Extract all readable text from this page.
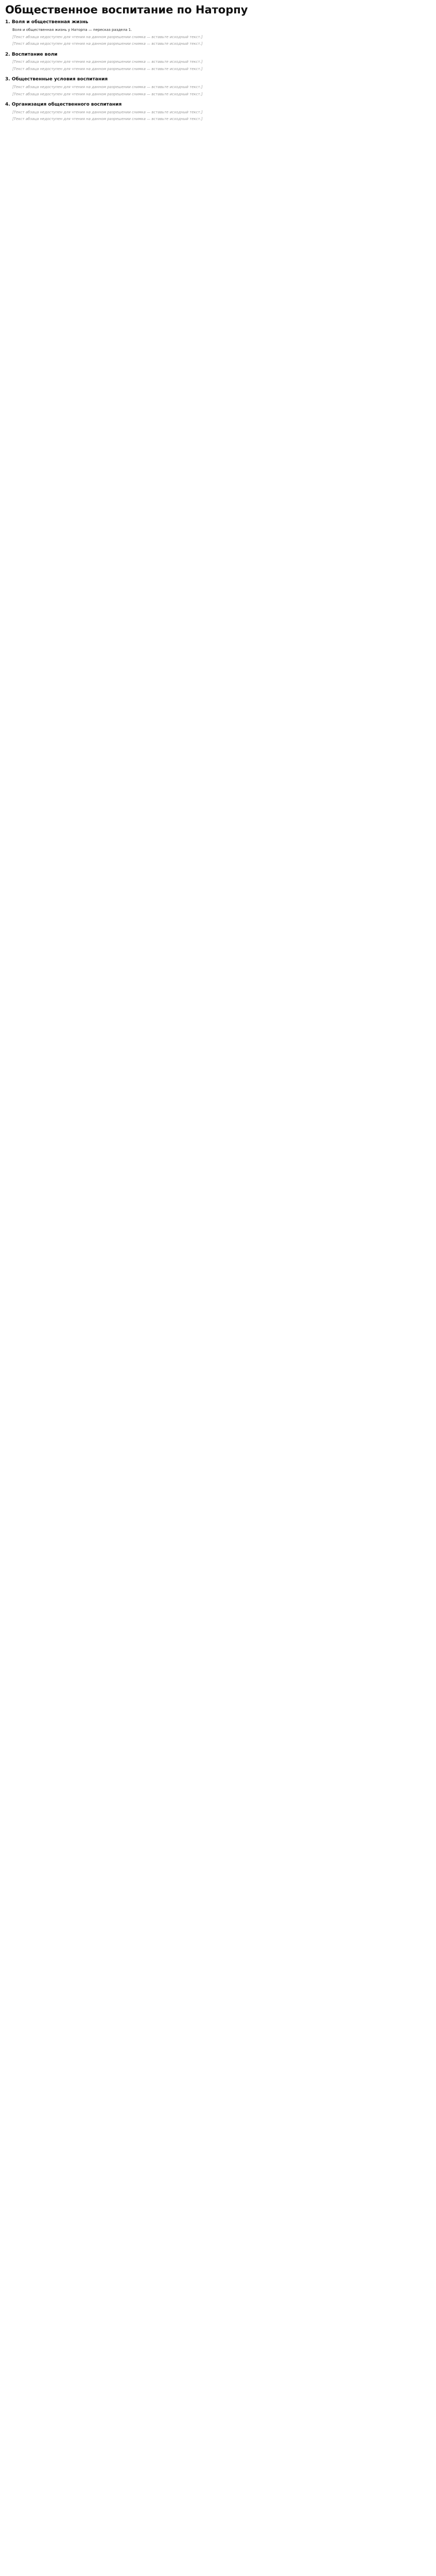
Общественное воспитание по Наторпу
1. Воля и общественная жизнь

Воля и общественная жизнь у Наторпа — пересказ раздела 1.

[Текст абзаца недоступен для чтения на данном разрешении снимка — вставьте исходный текст.]

[Текст абзаца недоступен для чтения на данном разрешении снимка — вставьте исходный текст.]

2. Воспитание воли

[Текст абзаца недоступен для чтения на данном разрешении снимка — вставьте исходный текст.]

[Текст абзаца недоступен для чтения на данном разрешении снимка — вставьте исходный текст.]

3. Общественные условия воспитания

[Текст абзаца недоступен для чтения на данном разрешении снимка — вставьте исходный текст.]

[Текст абзаца недоступен для чтения на данном разрешении снимка — вставьте исходный текст.]

4. Организация общественного воспитания

[Текст абзаца недоступен для чтения на данном разрешении снимка — вставьте исходный текст.]

[Текст абзаца недоступен для чтения на данном разрешении снимка — вставьте исходный текст.]
